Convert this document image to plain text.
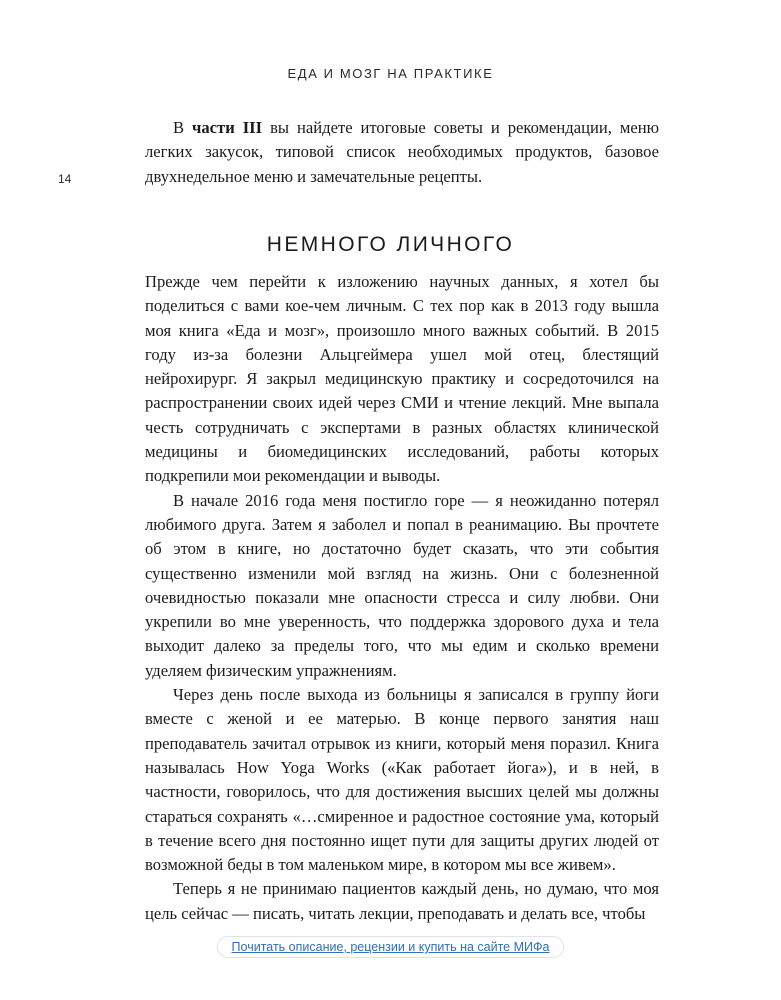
ЕДА И МОЗГ НА ПРАКТИКЕ
14

В части III вы найдете итоговые советы и рекомендации, меню легких закусок, типовой список необходимых продуктов, базовое двухнедельное меню и замечательные рецепты.

НЕМНОГО ЛИЧНОГО

Прежде чем перейти к изложению научных данных, я хотел бы поделиться с вами кое-чем личным. С тех пор как в 2013 году вышла моя книга «Еда и мозг», произошло много важных событий. В 2015 году из-за болезни Альцгеймера ушел мой отец, блестящий нейрохирург. Я закрыл медицинскую практику и сосредоточился на распространении своих идей через СМИ и чтение лекций. Мне выпала честь сотрудничать с экспертами в разных областях клинической медицины и биомедицинских исследований, работы которых подкрепили мои рекомендации и выводы.

В начале 2016 года меня постигло горе — я неожиданно потерял любимого друга. Затем я заболел и попал в реанимацию. Вы прочтете об этом в книге, но достаточно будет сказать, что эти события существенно изменили мой взгляд на жизнь. Они с болезненной очевидностью показали мне опасности стресса и силу любви. Они укрепили во мне уверенность, что поддержка здорового духа и тела выходит далеко за пределы того, что мы едим и сколько времени уделяем физическим упражнениям.

Через день после выхода из больницы я записался в группу йоги вместе с женой и ее матерью. В конце первого занятия наш преподаватель зачитал отрывок из книги, который меня поразил. Книга называлась How Yoga Works («Как работает йога»), и в ней, в частности, говорилось, что для достижения высших целей мы должны стараться сохранять «…смиренное и радостное состояние ума, который в течение всего дня постоянно ищет пути для защиты других людей от возможной беды в том маленьком мире, в котором мы все живем».

Теперь я не принимаю пациентов каждый день, но думаю, что моя цель сейчас — писать, читать лекции, преподавать и делать все, чтобы

Почитать описание, рецензии и купить на сайте МИФа
